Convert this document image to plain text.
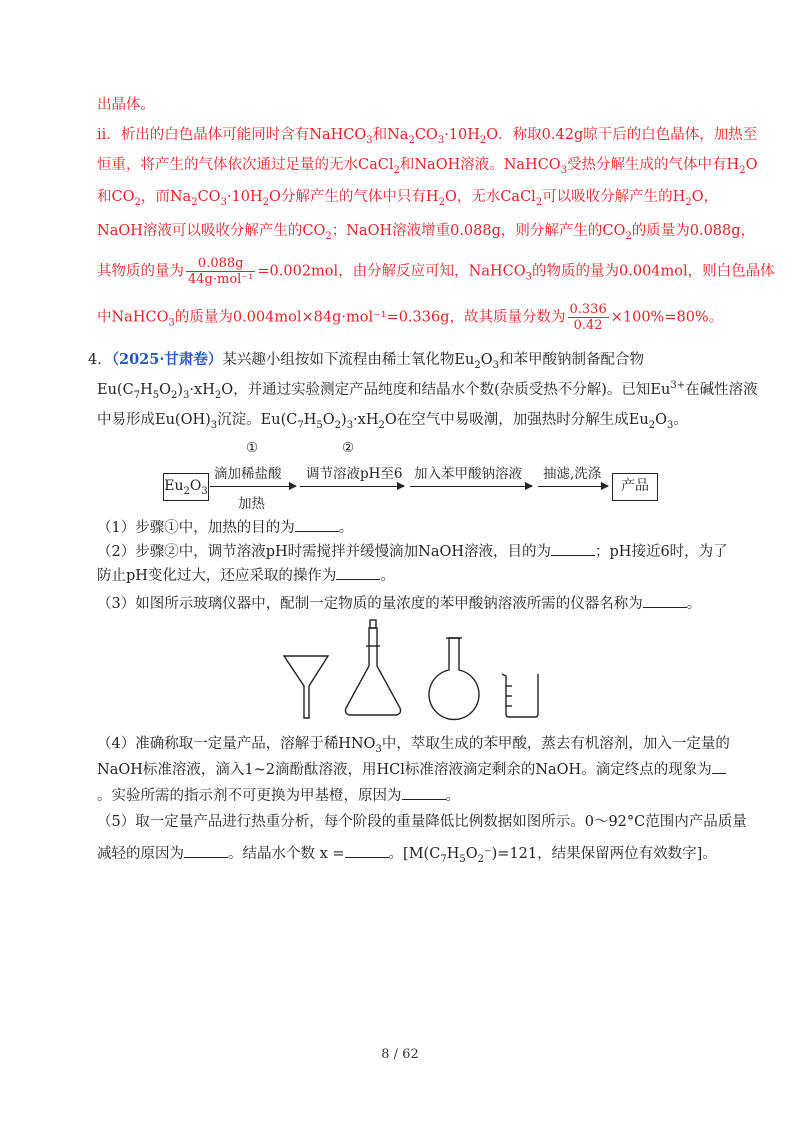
出晶体。
ii．析出的白色晶体可能同时含有NaHCO$_3$和$Na_2CO_3\cdot 10H_2O$．称取0.42g晾干后的白色晶体，加热至
恒重，将产生的气体依次通过足量的无水CaCl$_2$和NaOH溶液。NaHCO$_3$受热分解生成的气体中有$H_2O$
和$CO_2$，而$Na_2CO_3\cdot 10H_2O$分解产生的气体中只有$H_2O$，无水CaCl$_2$可以吸收分解产生的$H_2O$，
NaOH溶液可以吸收分解产生的$CO_2$；NaOH溶液增重0.088g，则分解产生的$CO_2$的质量为0.088g，
其物质的量为 $\frac{0.088g}{\text{44g·mol⁻¹}} =0.002mol$，由分解反应可知，NaHCO$_3$的物质的量为0.004mol，则白色晶体
中NaHCO$_3$的质量为0.004mol×84g·mol⁻¹=0.336g，故其质量分数为 $\frac{0.336}{0.42} \times 100\%=80\%$。
4．（2025·甘肃卷）某兴趣小组按如下流程由稀土氧化物$Eu_2O_3$和苯甲酸钠制备配合物
$Eu(C_7H_5O_2)_3\cdot xH_2O$，并通过实验测定产品纯度和结晶水个数(杂质受热不分解)。已知$Eu^{3+}$在碱性溶液
中易形成$Eu(OH)_3$沉淀。$Eu(C_7H_5O_2)_3\cdot xH_2O$在空气中易吸潮，加强热时分解生成$Eu_2O_3$。
$Eu_2O_3$
①
滴加稀盐酸
加热
②
调节溶液pH至6 加入苯甲酸钠溶液 抽滤,洗涤
产品
（1）步骤①中，加热的目的为	。
（2）步骤②中，调节溶液pH时需搅拌并缓慢滴加NaOH溶液，目的为	；pH接近6时，为了
防止pH变化过大，还应采取的操作为	。
（3）如图所示玻璃仪器中，配制一定物质的量浓度的苯甲酸钠溶液所需的仪器名称为	。
（4）准确称取一定量产品，溶解于稀$HNO_3$中，萃取生成的苯甲酸，蒸去有机溶剂，加入一定量的
NaOH标准溶液，滴入1~2滴酚酞溶液，用HCl标准溶液滴定剩余的NaOH。滴定终点的现象为
。实验所需的指示剂不可更换为甲基橙，原因为	。
（5）取一定量产品进行热重分析，每个阶段的重量降低比例数据如图所示。0～92°C范围内产品质量
减轻的原因为	。结晶水个数 x =	。[$M(C_7H_5O_2^-)=121$，结果保留两位有效数字]。
8 / 62
